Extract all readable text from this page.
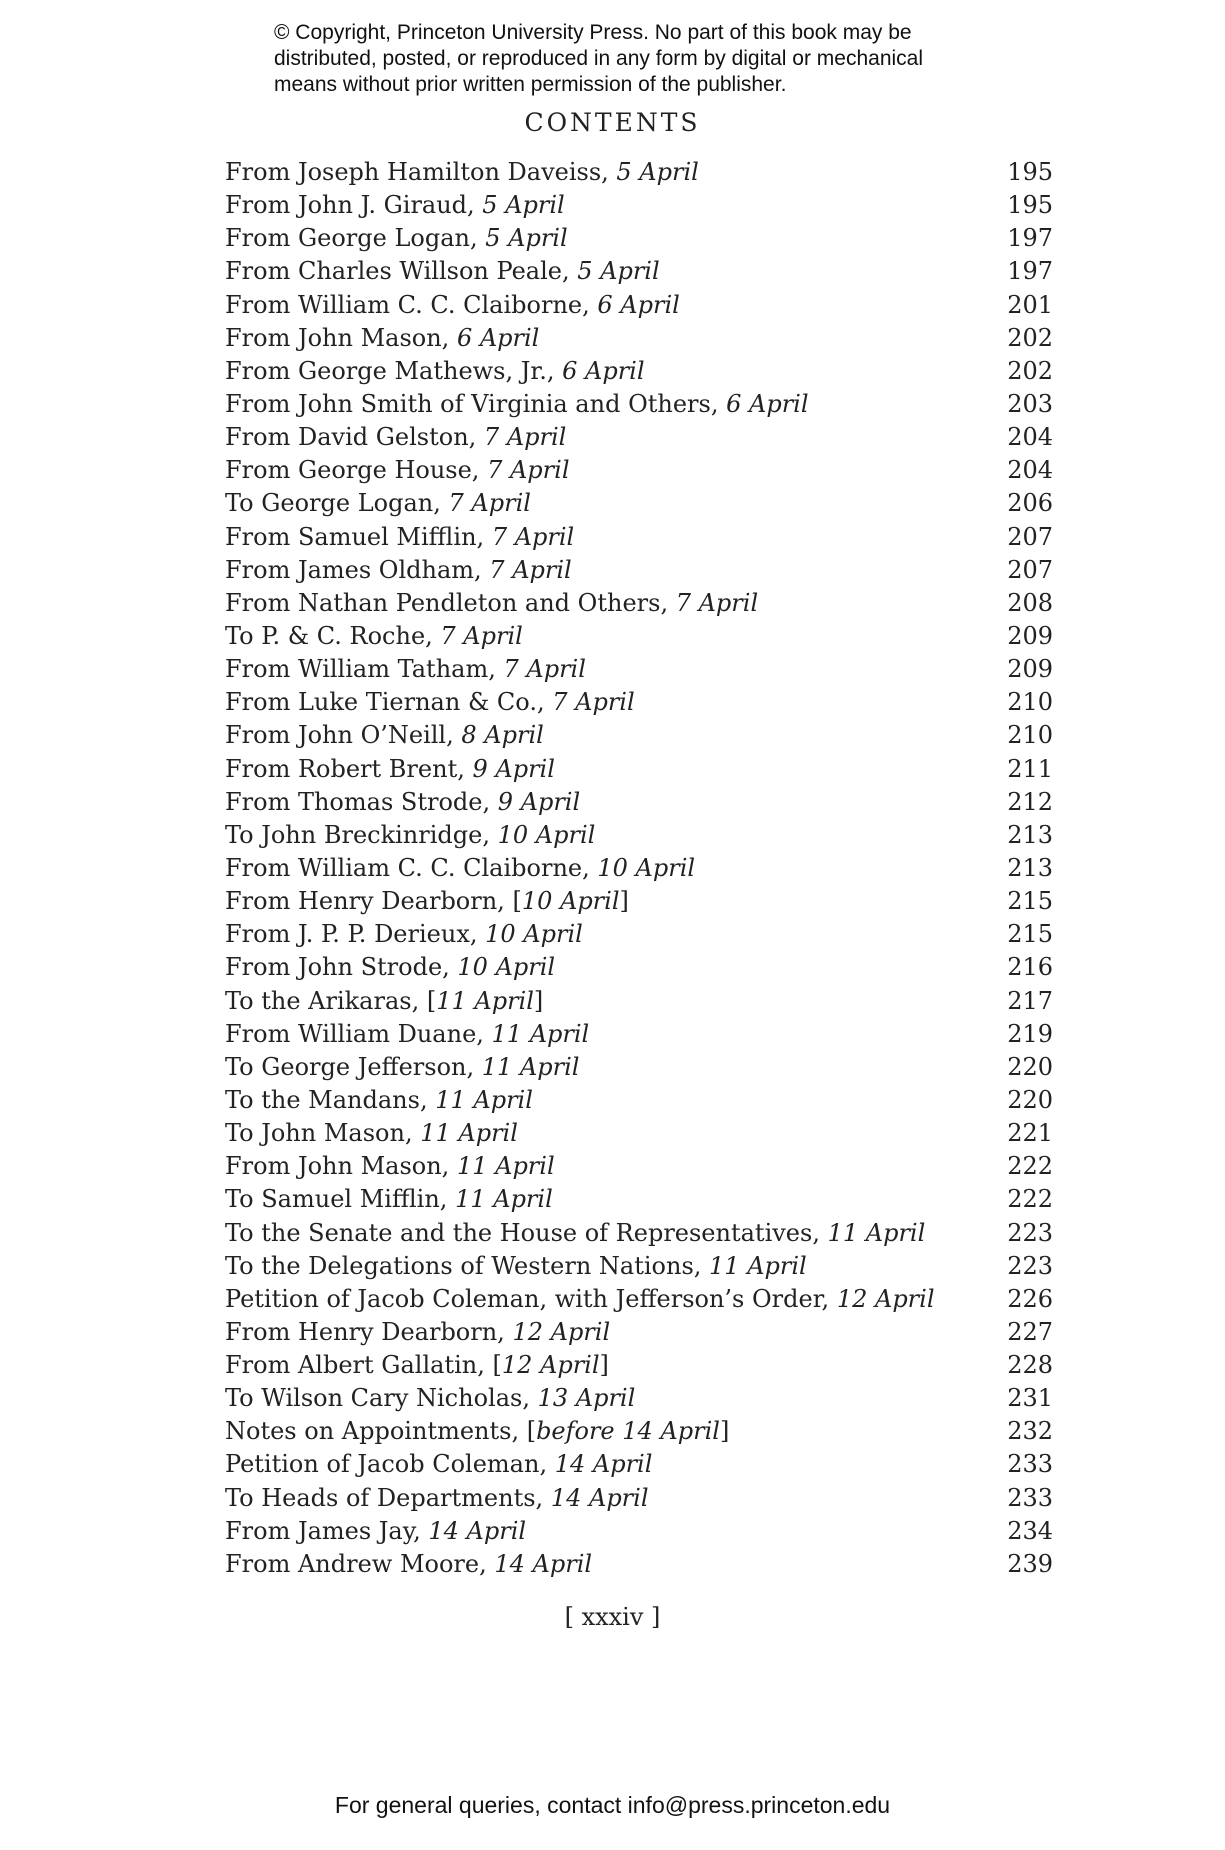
© Copyright, Princeton University Press. No part of this book may be
distributed, posted, or reproduced in any form by digital or mechanical
means without prior written permission of the publisher.
CONTENTS
From Joseph Hamilton Daveiss, 5 April	195
From John J. Giraud, 5 April	195
From George Logan, 5 April	197
From Charles Willson Peale, 5 April	197
From William C. C. Claiborne, 6 April	201
From John Mason, 6 April	202
From George Mathews, Jr., 6 April	202
From John Smith of Virginia and Others, 6 April	203
From David Gelston, 7 April	204
From George House, 7 April	204
To George Logan, 7 April	206
From Samuel Mifflin, 7 April	207
From James Oldham, 7 April	207
From Nathan Pendleton and Others, 7 April	208
To P. & C. Roche, 7 April	209
From William Tatham, 7 April	209
From Luke Tiernan & Co., 7 April	210
From John O’Neill, 8 April	210
From Robert Brent, 9 April	211
From Thomas Strode, 9 April	212
To John Breckinridge, 10 April	213
From William C. C. Claiborne, 10 April	213
From Henry Dearborn, [10 April]	215
From J. P. P. Derieux, 10 April	215
From John Strode, 10 April	216
To the Arikaras, [11 April]	217
From William Duane, 11 April	219
To George Jefferson, 11 April	220
To the Mandans, 11 April	220
To John Mason, 11 April	221
From John Mason, 11 April	222
To Samuel Mifflin, 11 April	222
To the Senate and the House of Representatives, 11 April	223
To the Delegations of Western Nations, 11 April	223
Petition of Jacob Coleman, with Jefferson’s Order, 12 April	226
From Henry Dearborn, 12 April	227
From Albert Gallatin, [12 April]	228
To Wilson Cary Nicholas, 13 April	231
Notes on Appointments, [before 14 April]	232
Petition of Jacob Coleman, 14 April	233
To Heads of Departments, 14 April	233
From James Jay, 14 April	234
From Andrew Moore, 14 April	239
[ xxxiv ]
For general queries, contact info@press.princeton.edu
